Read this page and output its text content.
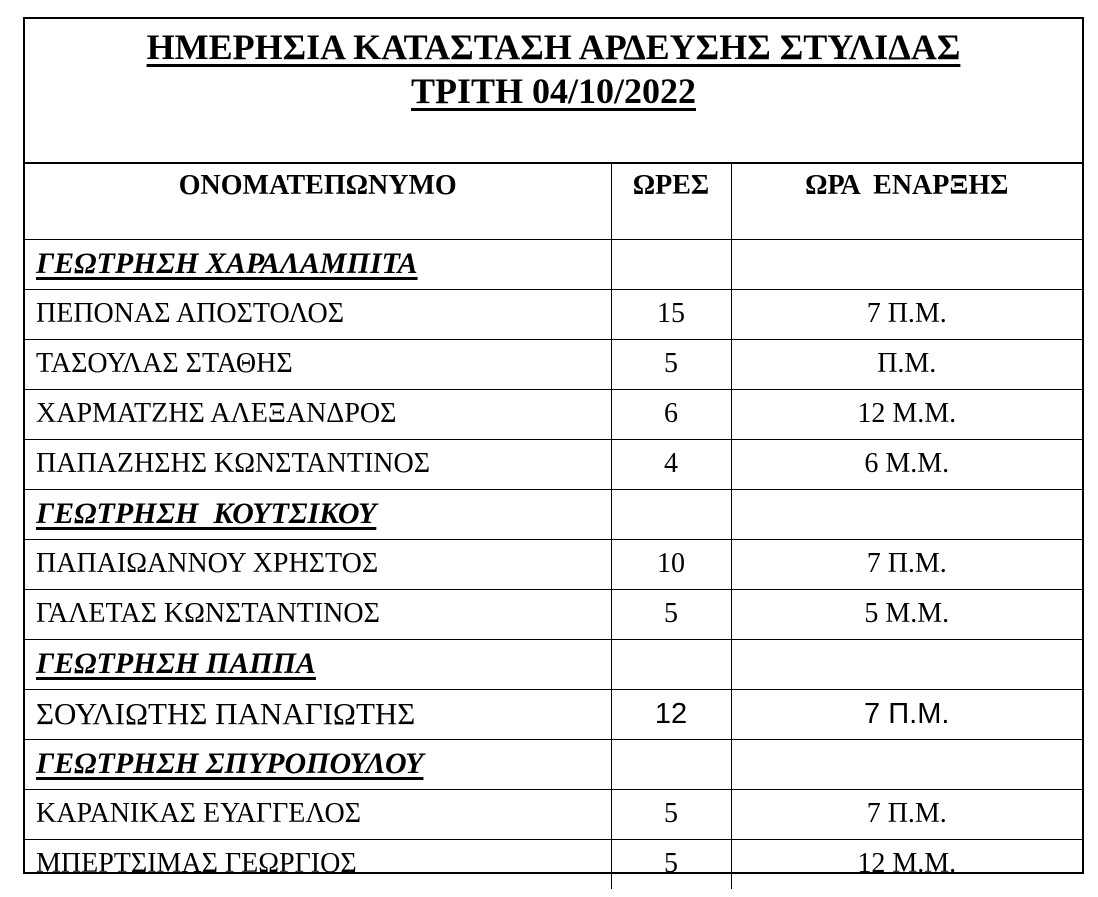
ΗΜΕΡΗΣΙΑ ΚΑΤΑΣΤΑΣΗ ΑΡΔΕΥΣΗΣ ΣΤΥΛΙΔΑΣ
ΤΡΙΤΗ 04/10/2022
ΟΝΟΜΑΤΕΠΩΝΥΜΟ	ΩΡΕΣ	ΩΡΑ  ΕΝΑΡΞΗΣ
ΓΕΩΤΡΗΣΗ ΧΑΡΑΛΑΜΠΙΤΑ		
ΠΕΠΟΝΑΣ ΑΠΟΣΤΟΛΟΣ	15	7 Π.Μ.
ΤΑΣΟΥΛΑΣ ΣΤΑΘΗΣ	5	Π.Μ.
ΧΑΡΜΑΤΖΗΣ ΑΛΕΞΑΝΔΡΟΣ	6	12 Μ.Μ.
ΠΑΠΑΖΗΣΗΣ ΚΩΝΣΤΑΝΤΙΝΟΣ	4	6 Μ.Μ.
ΓΕΩΤΡΗΣΗ  ΚΟΥΤΣΙΚΟΥ		
ΠΑΠΑΙΩΑΝΝΟΥ ΧΡΗΣΤΟΣ	10	7 Π.Μ.
ΓΑΛΕΤΑΣ ΚΩΝΣΤΑΝΤΙΝΟΣ	5	5 Μ.Μ.
ΓΕΩΤΡΗΣΗ ΠΑΠΠΑ		
ΣΟΥΛΙΩΤΗΣ ΠΑΝΑΓΙΩΤΗΣ	12	7 Π.Μ.
ΓΕΩΤΡΗΣΗ ΣΠΥΡΟΠΟΥΛΟΥ		
ΚΑΡΑΝΙΚΑΣ ΕΥΑΓΓΕΛΟΣ	5	7 Π.Μ.
ΜΠΕΡΤΣΙΜΑΣ ΓΕΩΡΓΙΟΣ	5	12 Μ.Μ.
